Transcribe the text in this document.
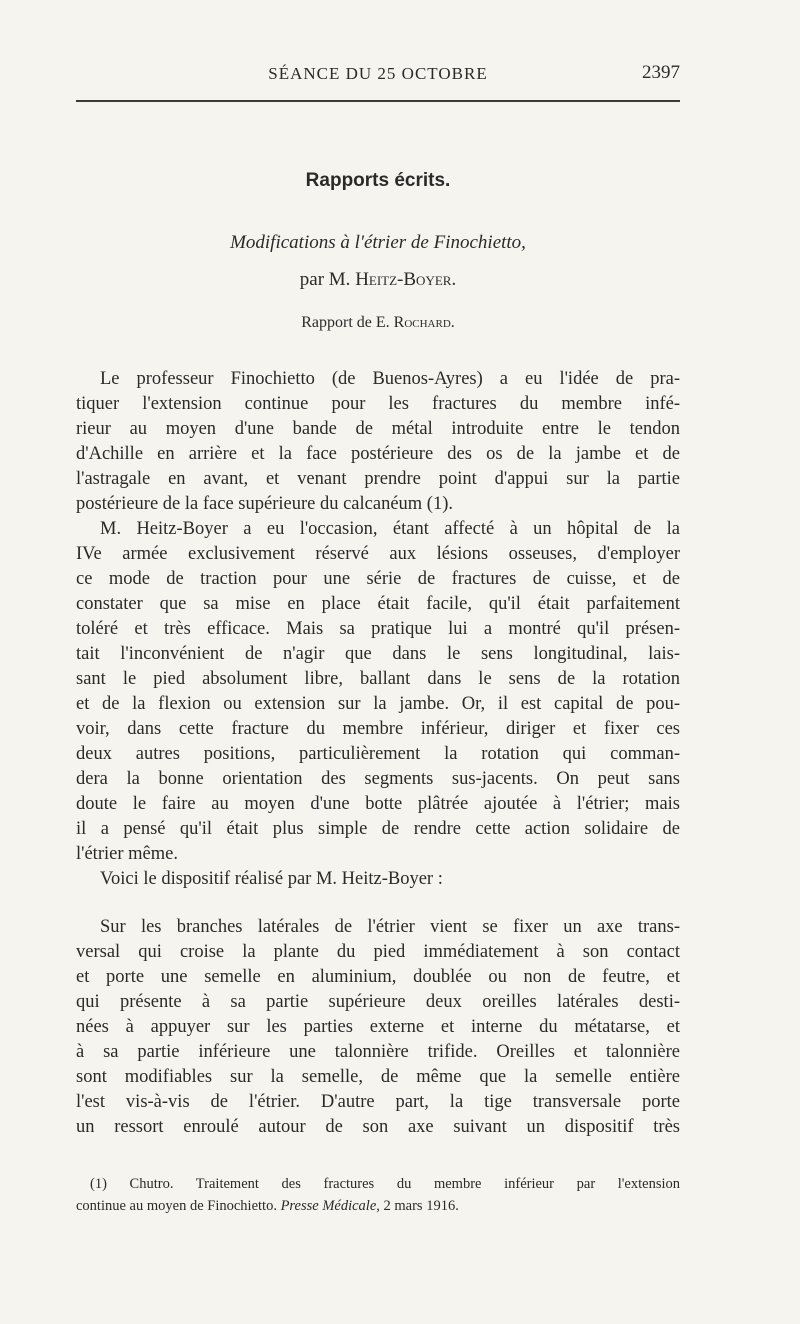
SÉANCE DU 25 OCTOBRE	2397
Rapports écrits.
Modifications à l'étrier de Finochietto,
par M. Heitz-Boyer.
Rapport de E. Rochard.
Le professeur Finochietto (de Buenos-Ayres) a eu l'idée de pra-
tiquer l'extension continue pour les fractures du membre infé-
rieur au moyen d'une bande de métal introduite entre le tendon
d'Achille en arrière et la face postérieure des os de la jambe et de
l'astragale en avant, et venant prendre point d'appui sur la partie
postérieure de la face supérieure du calcanéum (1).
M. Heitz-Boyer a eu l'occasion, étant affecté à un hôpital de la
IVe armée exclusivement réservé aux lésions osseuses, d'employer
ce mode de traction pour une série de fractures de cuisse, et de
constater que sa mise en place était facile, qu'il était parfaitement
toléré et très efficace. Mais sa pratique lui a montré qu'il présen-
tait l'inconvénient de n'agir que dans le sens longitudinal, lais-
sant le pied absolument libre, ballant dans le sens de la rotation
et de la flexion ou extension sur la jambe. Or, il est capital de pou-
voir, dans cette fracture du membre inférieur, diriger et fixer ces
deux autres positions, particulièrement la rotation qui comman-
dera la bonne orientation des segments sus-jacents. On peut sans
doute le faire au moyen d'une botte plâtrée ajoutée à l'étrier; mais
il a pensé qu'il était plus simple de rendre cette action solidaire de
l'étrier même.
Voici le dispositif réalisé par M. Heitz-Boyer :
Sur les branches latérales de l'étrier vient se fixer un axe trans-
versal qui croise la plante du pied immédiatement à son contact
et porte une semelle en aluminium, doublée ou non de feutre, et
qui présente à sa partie supérieure deux oreilles latérales desti-
nées à appuyer sur les parties externe et interne du métatarse, et
à sa partie inférieure une talonnière trifide. Oreilles et talonnière
sont modifiables sur la semelle, de même que la semelle entière
l'est vis-à-vis de l'étrier. D'autre part, la tige transversale porte
un ressort enroulé autour de son axe suivant un dispositif très
(1) Chutro. Traitement des fractures du membre inférieur par l'extension
continue au moyen de Finochietto. Presse Médicale, 2 mars 1916.
